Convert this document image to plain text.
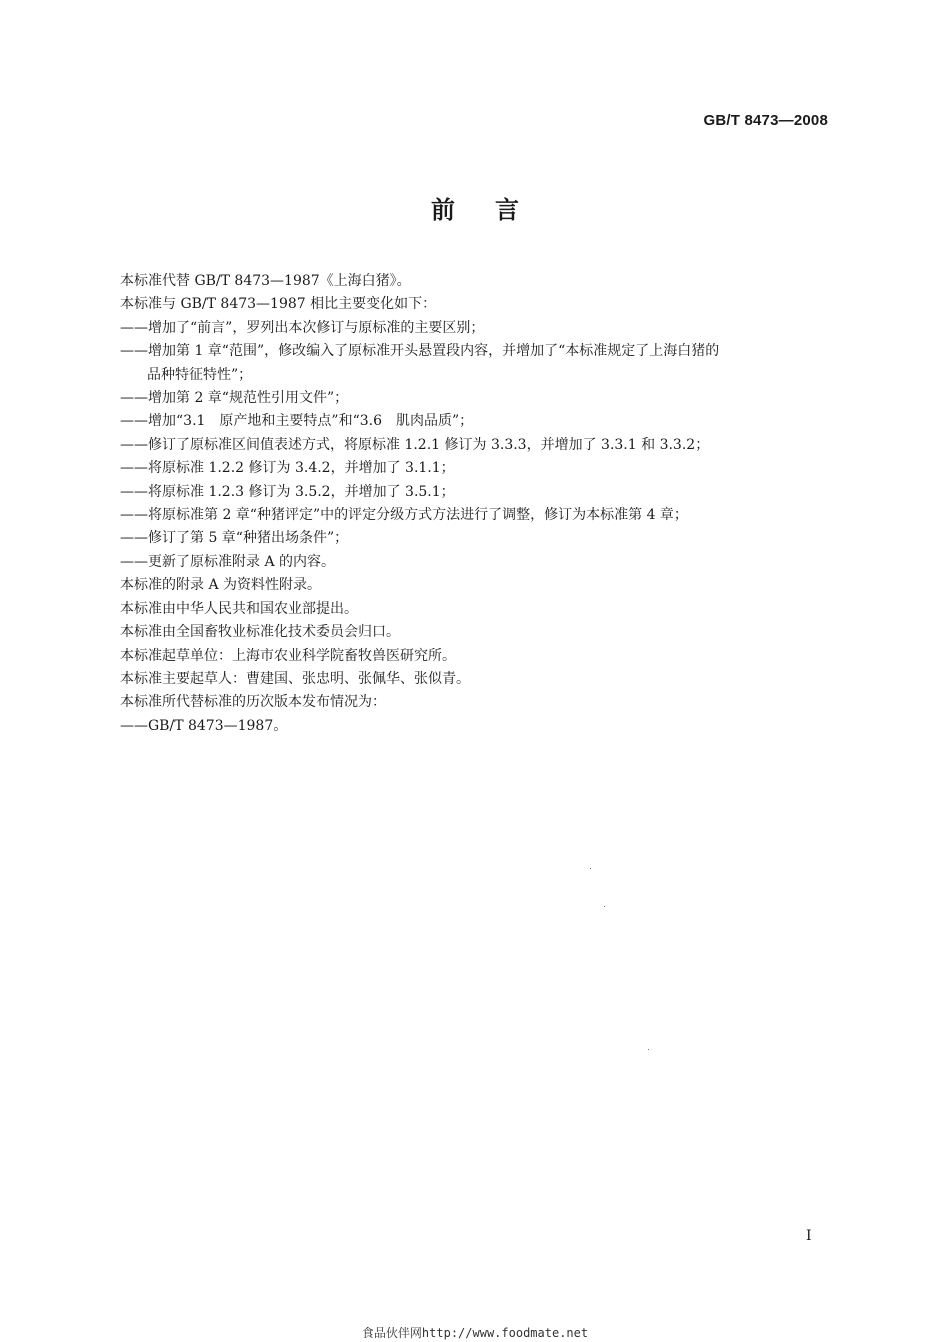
GB/T 8473—2008
前言
本标准代替 GB/T 8473—1987《上海白猪》。
本标准与 GB/T 8473—1987 相比主要变化如下：
——增加了“前言”，罗列出本次修订与原标准的主要区别；
——增加第 1 章“范围”，修改编入了原标准开头悬置段内容，并增加了“本标准规定了上海白猪的
品种特征特性”；
——增加第 2 章“规范性引用文件”；
——增加“3.1　原产地和主要特点”和“3.6　肌肉品质”；
——修订了原标准区间值表述方式，将原标准 1.2.1 修订为 3.3.3，并增加了 3.3.1 和 3.3.2；
——将原标准 1.2.2 修订为 3.4.2，并增加了 3.1.1；
——将原标准 1.2.3 修订为 3.5.2，并增加了 3.5.1；
——将原标准第 2 章“种猪评定”中的评定分级方式方法进行了调整，修订为本标准第 4 章；
——修订了第 5 章“种猪出场条件”；
——更新了原标准附录 A 的内容。
本标准的附录 A 为资料性附录。
本标准由中华人民共和国农业部提出。
本标准由全国畜牧业标准化技术委员会归口。
本标准起草单位：上海市农业科学院畜牧兽医研究所。
本标准主要起草人：曹建国、张忠明、张佩华、张似青。
本标准所代替标准的历次版本发布情况为：
——GB/T 8473—1987。
I
食品伙伴网http://www.foodmate.net
